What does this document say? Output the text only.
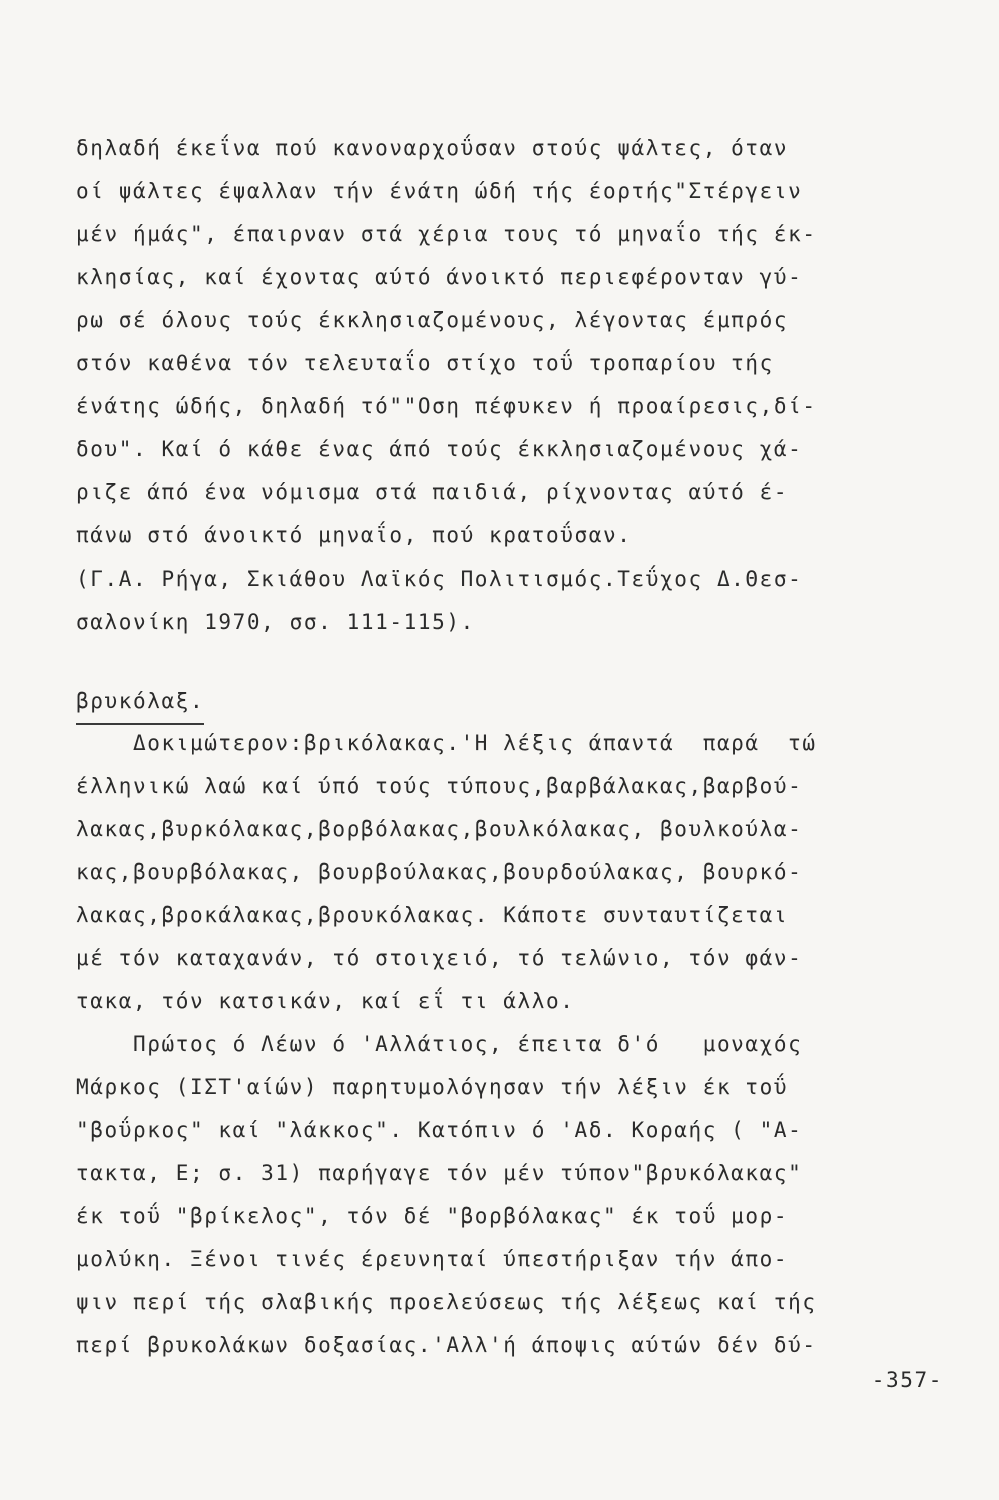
δηλαδή έκεΐνα πού κανοναρχοΰσαν στούς ψάλτες, όταν
οί ψάλτες έψαλλαν τήν ένάτη ώδή τής έορτής"Στέργειν
μέν ήμάς", έπαιρναν στά χέρια τους τό μηναΐο τής έκ-
κλησίας, καί έχοντας αύτό άνοικτό περιεφέρονταν γύ-
ρω σέ όλους τούς έκκλησιαζομένους, λέγοντας έμπρός
στόν καθένα τόν τελευταΐο στίχο τοΰ τροπαρίου τής
ένάτης ώδής, δηλαδή τό""Οση πέφυκεν ή προαίρεσις,δί-
δου". Καί ό κάθε ένας άπό τούς έκκλησιαζομένους χά-
ριζε άπό ένα νόμισμα στά παιδιά, ρίχνοντας αύτό έ-
πάνω στό άνοικτό μηναΐο, πού κρατοΰσαν.
(Γ.Α. Ρήγα, Σκιάθου Λαϊκός Πολιτισμός.Τεΰχος Δ.Θεσ-
σαλονίκη 1970, σσ. 111-115).
βρυκόλαξ.
Δοκιμώτερον:βρικόλακας.'Η λέξις άπαντά  παρά  τώ
έλληνικώ λαώ καί ύπό τούς τύπους,βαρβάλακας,βαρβού-
λακας,βυρκόλακας,βορβόλακας,βουλκόλακας, βουλκούλα-
κας,βουρβόλακας, βουρβούλακας,βουρδούλακας, βουρκό-
λακας,βροκάλακας,βρουκόλακας. Κάποτε συνταυτίζεται
μέ τόν καταχανάν, τό στοιχειό, τό τελώνιο, τόν φάν-
τακα, τόν κατσικάν, καί εΐ τι άλλο.
Πρώτος ό Λέων ό 'Αλλάτιος, έπειτα δ'ό   μοναχός
Μάρκος (ΙΣΤ'αίών) παρητυμολόγησαν τήν λέξιν έκ τοΰ
"βοΰρκος" καί "λάκκος". Κατόπιν ό 'Αδ. Κοραής ( "Α-
τακτα, Ε; σ. 31) παρήγαγε τόν μέν τύπον"βρυκόλακας"
έκ τοΰ "βρίκελος", τόν δέ "βορβόλακας" έκ τοΰ μορ-
μολύκη. Ξένοι τινές έρευνηταί ύπεστήριξαν τήν άπο-
ψιν περί τής σλαβικής προελεύσεως τής λέξεως καί τής
περί βρυκολάκων δοξασίας.'Αλλ'ή άποψις αύτών δέν δύ-
-357-
